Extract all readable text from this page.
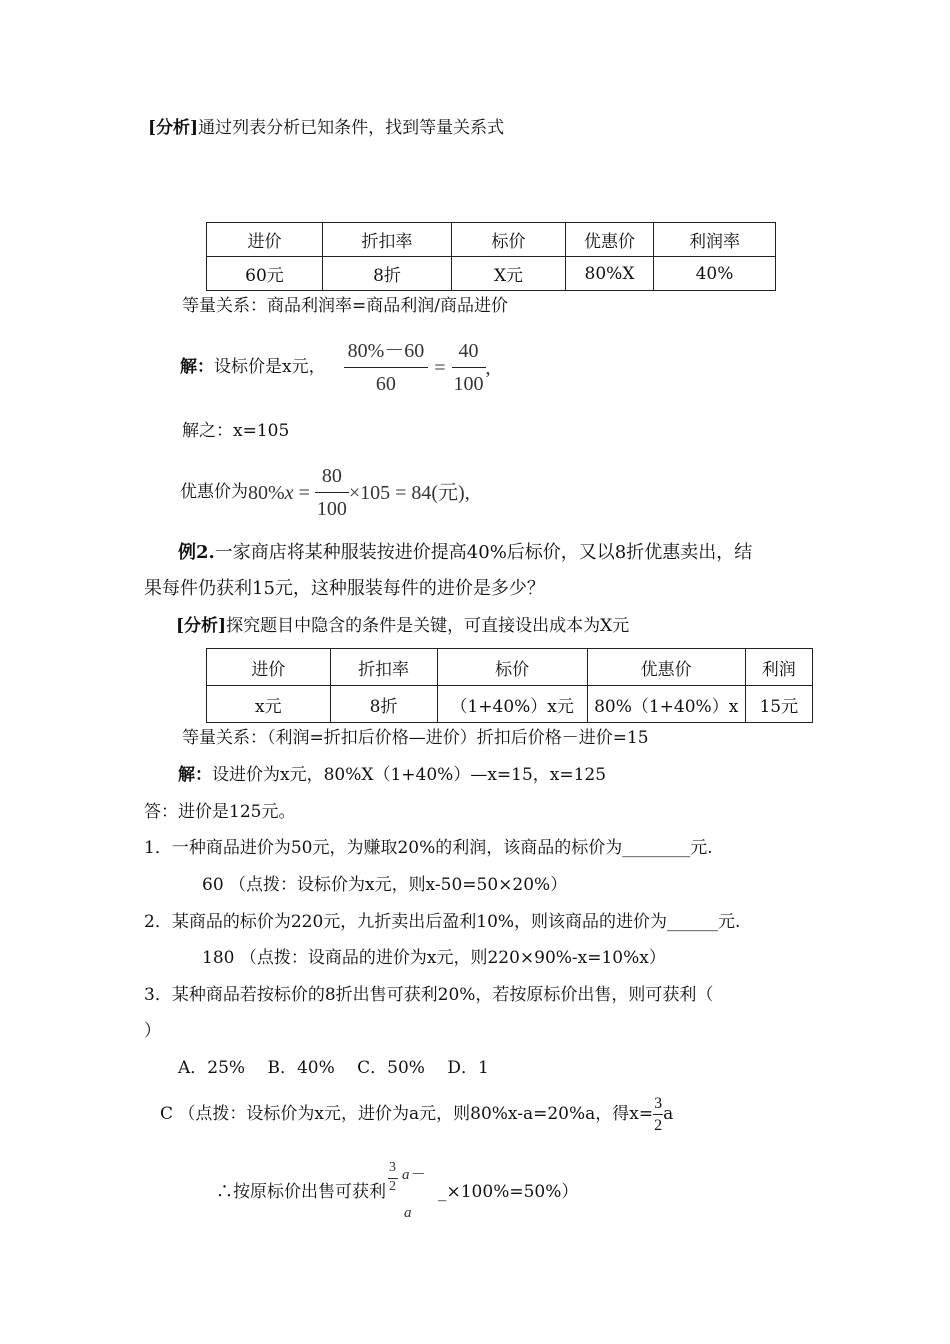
[分析]通过列表分析已知条件，找到等量关系式
进价	折扣率	标价	优惠价	利润率
60元	8折	X元	80%X	40%
等量关系：商品利润率=商品利润/商品进价
解： 设标价是x元， $\frac{80\%-60}{60} = \frac{40}{100}$ ,
解之：x=105
优惠价为 80% $x = \frac{80}{100} \times 105 = 84$(元),
例2.一家商店将某种服装按进价提高40%后标价，又以8折优惠卖出，结
果每件仍获利15元，这种服装每件的进价是多少？
[分析]探究题目中隐含的条件是关键，可直接设出成本为X元
进价	折扣率	标价	优惠价	利润
x元	8折	（1+40%）x元	80%（1+40%）x	15元
等量关系：（利润=折扣后价格—进价）折扣后价格－进价=15
解：设进价为x元，80%X（1+40%）—x=15，x=125
答：进价是125元。
1．一种商品进价为50元，为赚取20%的利润，该商品的标价为________元.
60 （点拨：设标价为x元，则x-50=50×20%）
2．某商品的标价为220元，九折卖出后盈利10%，则该商品的进价为______元.
180 （点拨：设商品的进价为x元，则220×90%-x=10%x）
3．某种商品若按标价的8折出售可获利20%，若按原标价出售，则可获利（
）
A．25%　 B．40%　 C．50%　 D．1
C （点拨：设标价为x元，进价为a元，则80%x-a=20%a，得$x= \frac{3}{2}$ a
∴按原标价出售可获利
3
2
a－
a
_×100%=50%）
